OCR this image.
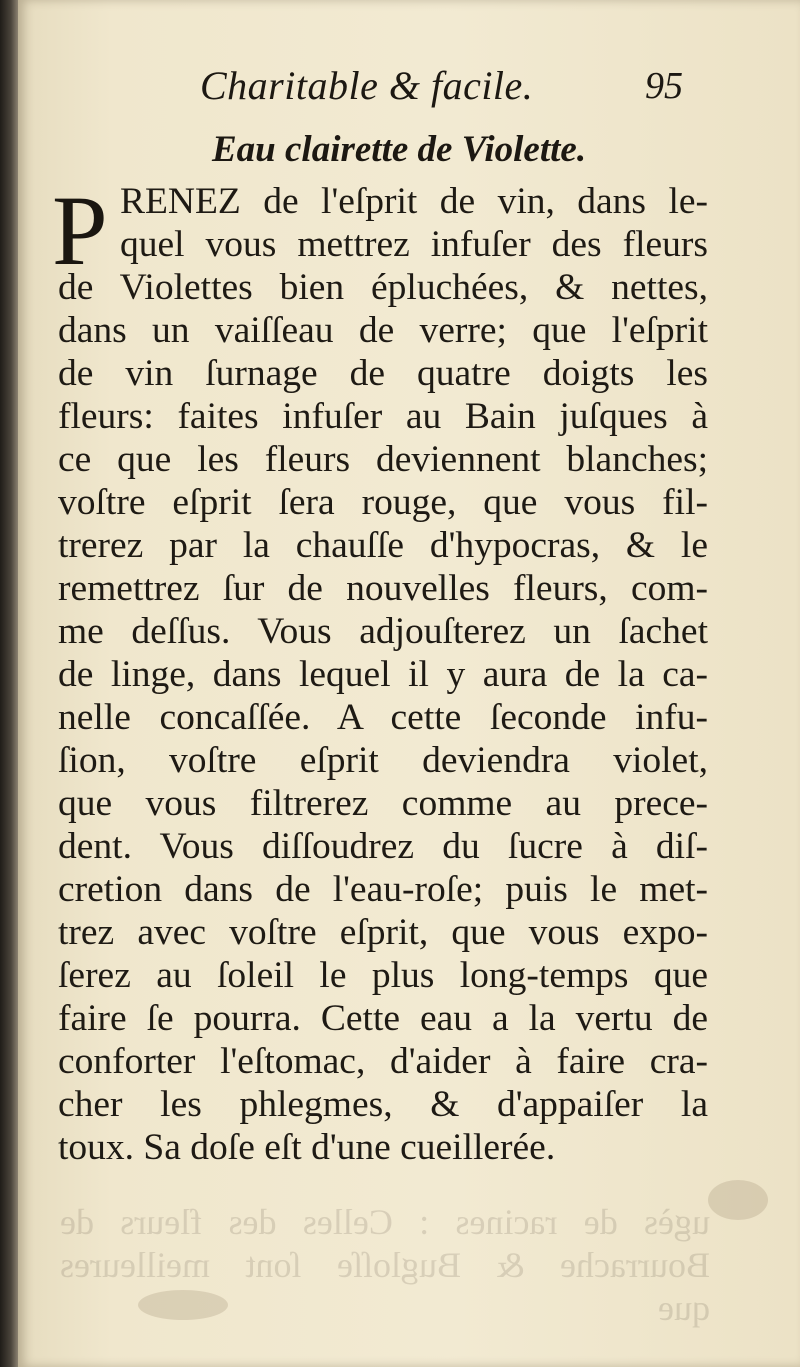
ugès de racines : Celles des fleurs de
Bourrache & Bugloſſe ſont meilleures
que
Charitable & facile.	95
Eau clairette de Violette.
P RENEZ de l'eſprit de vin, dans le-
quel vous mettrez infuſer des fleurs
de Violettes bien épluchées, & nettes,
dans un vaiſſeau de verre; que l'eſprit
de vin ſurnage de quatre doigts les
fleurs: faites infuſer au Bain juſques à
ce que les fleurs deviennent blanches;
voſtre eſprit ſera rouge, que vous fil-
trerez par la chauſſe d'hypocras, & le
remettrez ſur de nouvelles fleurs, com-
me deſſus. Vous adjouſterez un ſachet
de linge, dans lequel il y aura de la ca-
nelle concaſſée. A cette ſeconde infu-
ſion, voſtre eſprit deviendra violet,
que vous filtrerez comme au prece-
dent. Vous diſſoudrez du ſucre à diſ-
cretion dans de l'eau-roſe; puis le met-
trez avec voſtre eſprit, que vous expo-
ſerez au ſoleil le plus long-temps que
faire ſe pourra. Cette eau a la vertu de
conforter l'eſtomac, d'aider à faire cra-
cher les phlegmes, & d'appaiſer la
toux. Sa doſe eſt d'une cueillerée.
